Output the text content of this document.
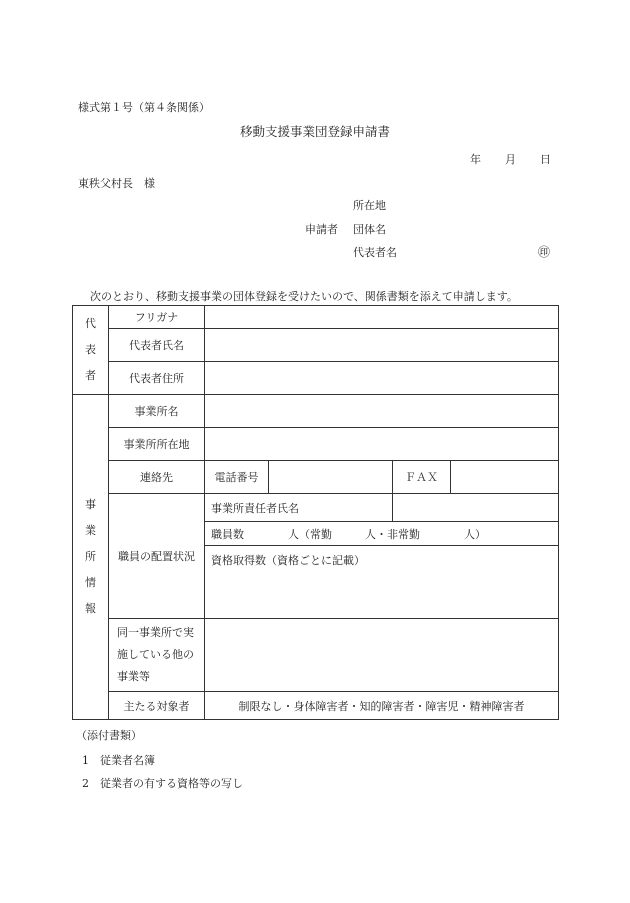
様式第１号（第４条関係）
移動支援事業団登録申請書
年 月 日
東秩父村長　様
所在地
申請者 団体名
代表者名	㊞
次のとおり、移動支援事業の団体登録を受けたいので、関係書類を添えて申請します。
代表者	フリガナ				
	代表者氏名				
	代表者住所				

事業所情報	事業所名				
	事業所所在地				
	連絡先	電話番号		ＦＡＸ	
	職員の配置状況	事業所責任者氏名			
		職員数　　　　人（常勤　　　人・非常勤　　　　人）			
		資格取得数（資格ごとに記載）			

	同一事業所で実施している他の事業等				

	主たる対象者	制限なし・身体障害者・知的障害者・障害児・精神障害者			
（添付書類）
1　従業者名簿
2　従業者の有する資格等の写し
